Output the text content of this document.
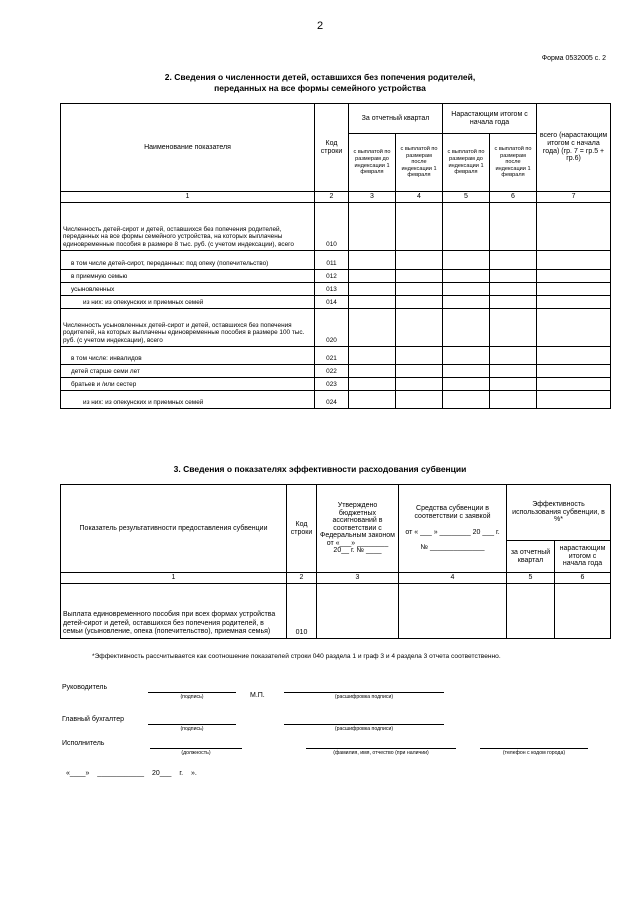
2
Форма 0532005 с. 2
2. Сведения о численности детей, оставшихся без попечения родителей,
переданных на все формы семейного устройства
Наименование показателя	Код строки	За отчетный квартал		Нарастающим итогом с начала года		всего (нарастающим итогом с начала года) (гр. 7 = гр.5 + гр.6)
		с выплатой по размерам до индексации 1 февраля	с выплатой по размерам после индексации 1 февраля	с выплатой по размерам до индексации 1 февраля	с выплатой по размерам после индексации 1 февраля	
1	2	3	4	5	6	7
Численность детей-сирот и детей, оставшихся без попечения родителей, переданных на все формы семейного устройства, на которых выплачены единовременные пособия в размере 8 тыс. руб. (с учетом индексации), всего	010					
в том числе детей-сирот, переданных: под опеку (попечительство)	011					
в приемную семью	012					
усыновленных	013					
из них: из опекунских и приемных семей	014					
Численность усыновленных детей-сирот и детей, оставшихся без попечения родителей, на которых выплачены единовременные пособия в размере 100 тыс. руб. (с учетом индексации), всего	020					
в том числе: инвалидов	021					
детей старше семи лет	022					
братьев и /или сестер	023					
из них: из опекунских и приемных семей	024					
3. Сведения о показателях эффективности расходования субвенции
Показатель результативности предоставления субвенции	Код строки	Утверждено бюджетных ассигнований в соответствии с Федеральным законом от «___» ________ 20__ г. № ____	Средства субвенции в соответствии с заявкой
от « ___ » ________ 20 ___ г.
№ ______________	Эффективность использования субвенции, в %*	
				за отчетный квартал	нарастающим итогом с начала года
1	2	3	4	5	6
Выплата единовременного пособия при всех формах устройства детей-сирот и детей, оставшихся без попечения родителей, в семьи (усыновление, опека (попечительство), приемная семья)	010				
*Эффективность рассчитывается как соотношение показателей строки 040 раздела 1 и граф 3 и 4 раздела 3 отчета соответственно.
Руководитель
(подпись)	М.П.	(расшифровка подписи)
Главный бухгалтер
(подпись)	(расшифровка подписи)
Исполнитель
(должность)	(фамилия, имя, отчество (при наличии)	(телефон с кодом города)
«____» ____________ 20___ г. ».
